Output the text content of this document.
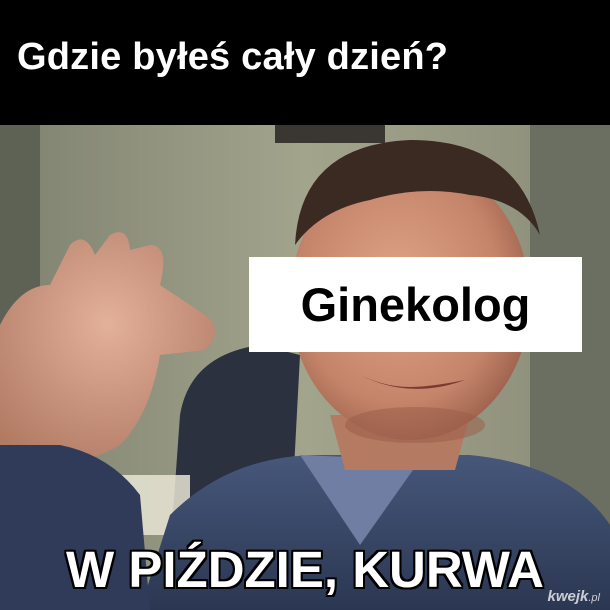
Gdzie byłeś cały dzień?
Ginekolog
W PIŹDZIE, KURWA kwejk.pl
